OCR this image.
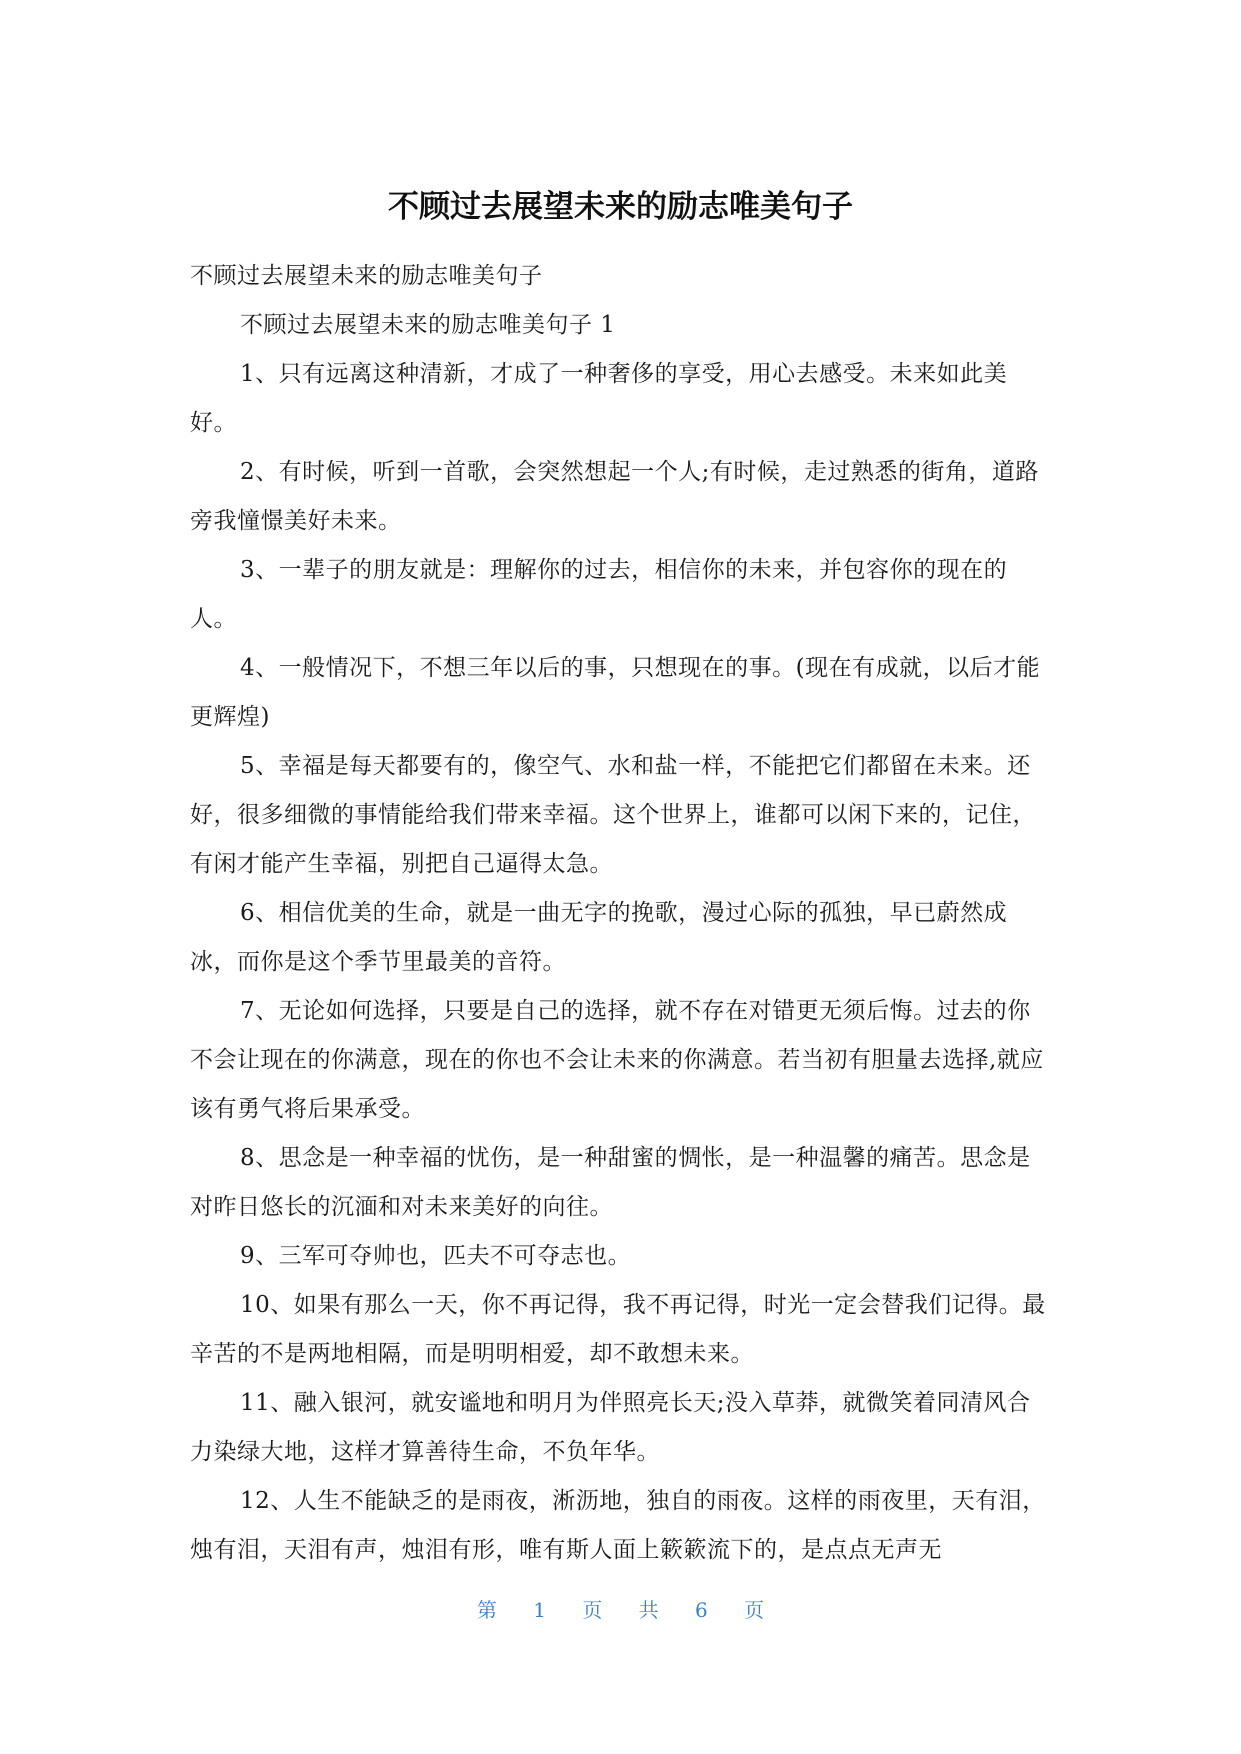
不顾过去展望未来的励志唯美句子

不顾过去展望未来的励志唯美句子

不顾过去展望未来的励志唯美句子 1

1、只有远离这种清新，才成了一种奢侈的享受，用心去感受。未来如此美好。

2、有时候，听到一首歌，会突然想起一个人;有时候，走过熟悉的街角，道路旁我憧憬美好未来。

3、一辈子的朋友就是：理解你的过去，相信你的未来，并包容你的现在的人。

4、一般情况下，不想三年以后的事，只想现在的事。(现在有成就，以后才能更辉煌)

5、幸福是每天都要有的，像空气、水和盐一样，不能把它们都留在未来。还好，很多细微的事情能给我们带来幸福。这个世界上，谁都可以闲下来的，记住，有闲才能产生幸福，别把自己逼得太急。

6、相信优美的生命，就是一曲无字的挽歌，漫过心际的孤独，早已蔚然成冰，而你是这个季节里最美的音符。

7、无论如何选择，只要是自己的选择，就不存在对错更无须后悔。过去的你不会让现在的你满意，现在的你也不会让未来的你满意。若当初有胆量去选择,就应该有勇气将后果承受。

8、思念是一种幸福的忧伤，是一种甜蜜的惆怅，是一种温馨的痛苦。思念是对昨日悠长的沉湎和对未来美好的向往。

9、三军可夺帅也，匹夫不可夺志也。

10、如果有那么一天，你不再记得，我不再记得，时光一定会替我们记得。最辛苦的不是两地相隔，而是明明相爱，却不敢想未来。

11、融入银河，就安谧地和明月为伴照亮长天;没入草莽，就微笑着同清风合力染绿大地，这样才算善待生命，不负年华。

12、人生不能缺乏的是雨夜，淅沥地，独自的雨夜。这样的雨夜里，天有泪，烛有泪，天泪有声，烛泪有形，唯有斯人面上簌簌流下的，是点点无声无

第 1 页 共 6 页
